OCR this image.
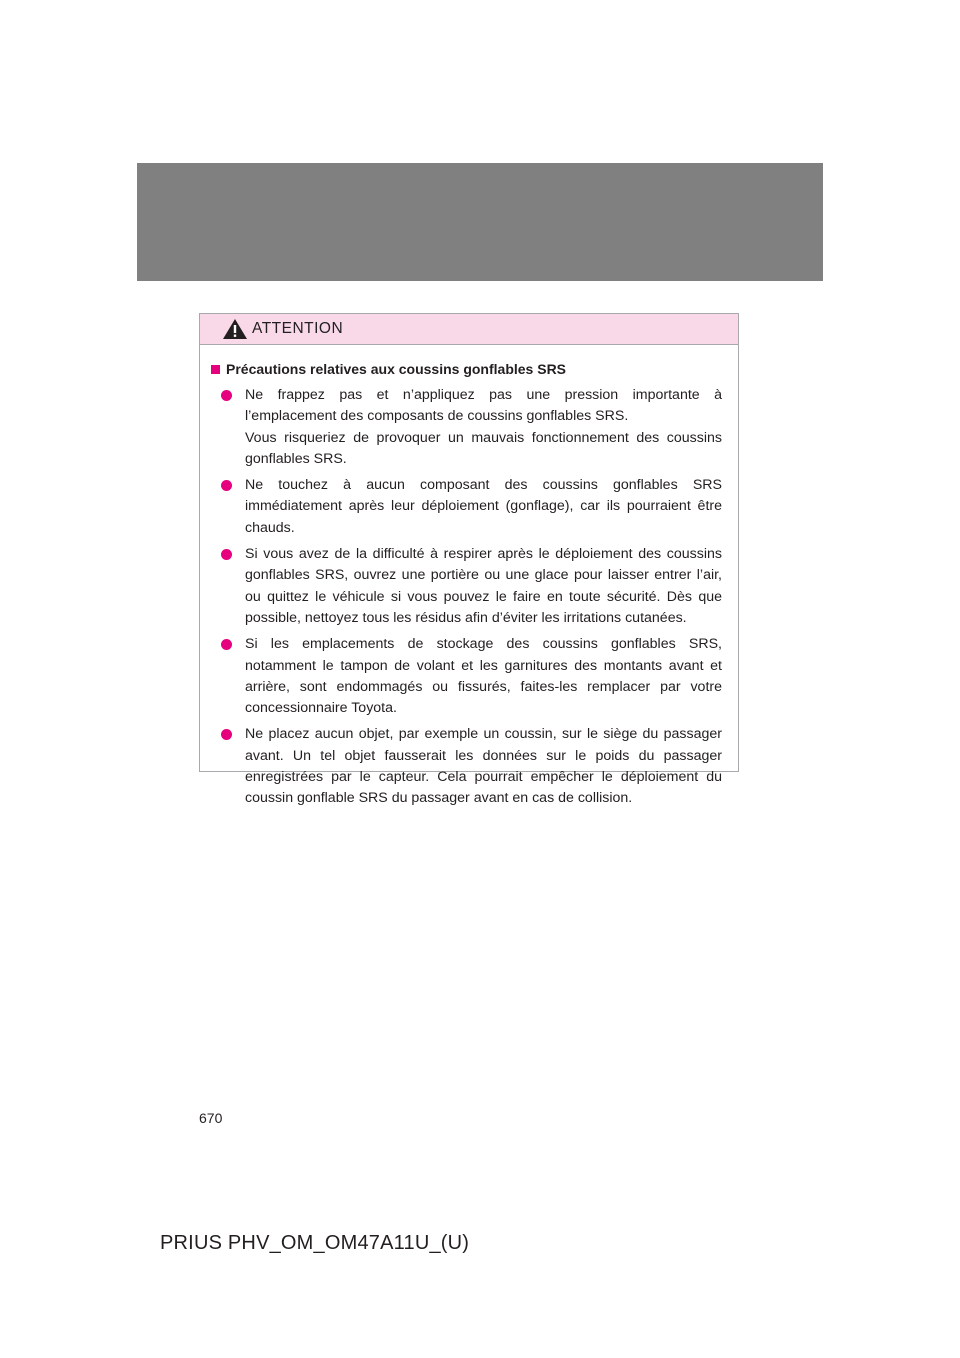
ATTENTION
Précautions relatives aux coussins gonflables SRS

Ne frappez pas et n’appliquez pas une pression importante à l’emplacement des composants de coussins gonflables SRS.

Vous risqueriez de provoquer un mauvais fonctionnement des coussins gonflables SRS.

Ne touchez à aucun composant des coussins gonflables SRS immédiatement après leur déploiement (gonflage), car ils pourraient être chauds.

Si vous avez de la difficulté à respirer après le déploiement des coussins gonflables SRS, ouvrez une portière ou une glace pour laisser entrer l’air, ou quittez le véhicule si vous pouvez le faire en toute sécurité. Dès que possible, nettoyez tous les résidus afin d’éviter les irritations cutanées.

Si les emplacements de stockage des coussins gonflables SRS, notamment le tampon de volant et les garnitures des montants avant et arrière, sont endommagés ou fissurés, faites-les remplacer par votre concessionnaire Toyota.

Ne placez aucun objet, par exemple un coussin, sur le siège du passager avant. Un tel objet fausserait les données sur le poids du passager enregistrées par le capteur. Cela pourrait empêcher le déploiement du coussin gonflable SRS du passager avant en cas de collision.

670
PRIUS PHV_OM_OM47A11U_(U)
